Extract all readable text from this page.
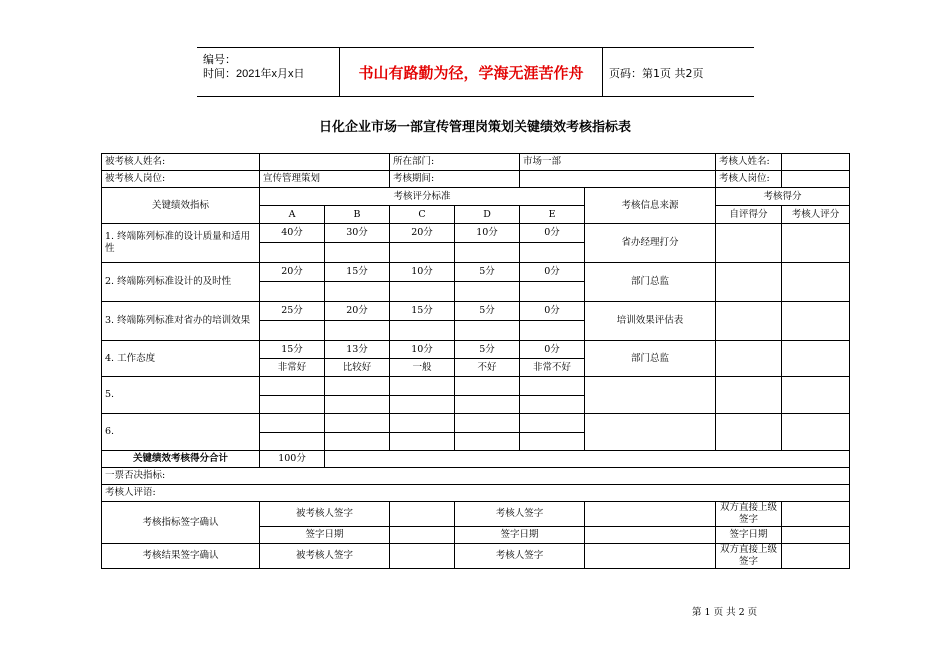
编号：
时间：2021年x月x日	书山有路勤为径，学海无涯苦作舟	页码：第1页 共2页
日化企业市场一部宣传管理岗策划关键绩效考核指标表
被考核人姓名:			所在部门:		市场一部		考核人姓名:	
被考核人岗位:	宣传管理策划		考核期间:				考核人岗位:	
关键绩效指标	考核评分标准					考核信息来源	考核得分	
	A	B	C	D	E		自评得分	考核人评分
1. 终端陈列标准的设计质量和适用性	40分	30分	20分	10分	0分	省办经理打分		

2. 终端陈列标准设计的及时性	20分	15分	10分	5分	0分	部门总监		

3. 终端陈列标准对省办的培训效果	25分	20分	15分	5分	0分	培训效果评估表		

4. 工作态度	15分	13分	10分	5分	0分	部门总监		
	非常好	比较好	一般	不好	非常不好			
5.								

6.								

关键绩效考核得分合计	100分							
一票否决指标:								
考核人评语:								
考核指标签字确认	被考核人签字			考核人签字			双方直接上级签字	
	签字日期			签字日期			签字日期	
考核结果签字确认	被考核人签字			考核人签字			双方直接上级签字	
第 1 页 共 2 页
